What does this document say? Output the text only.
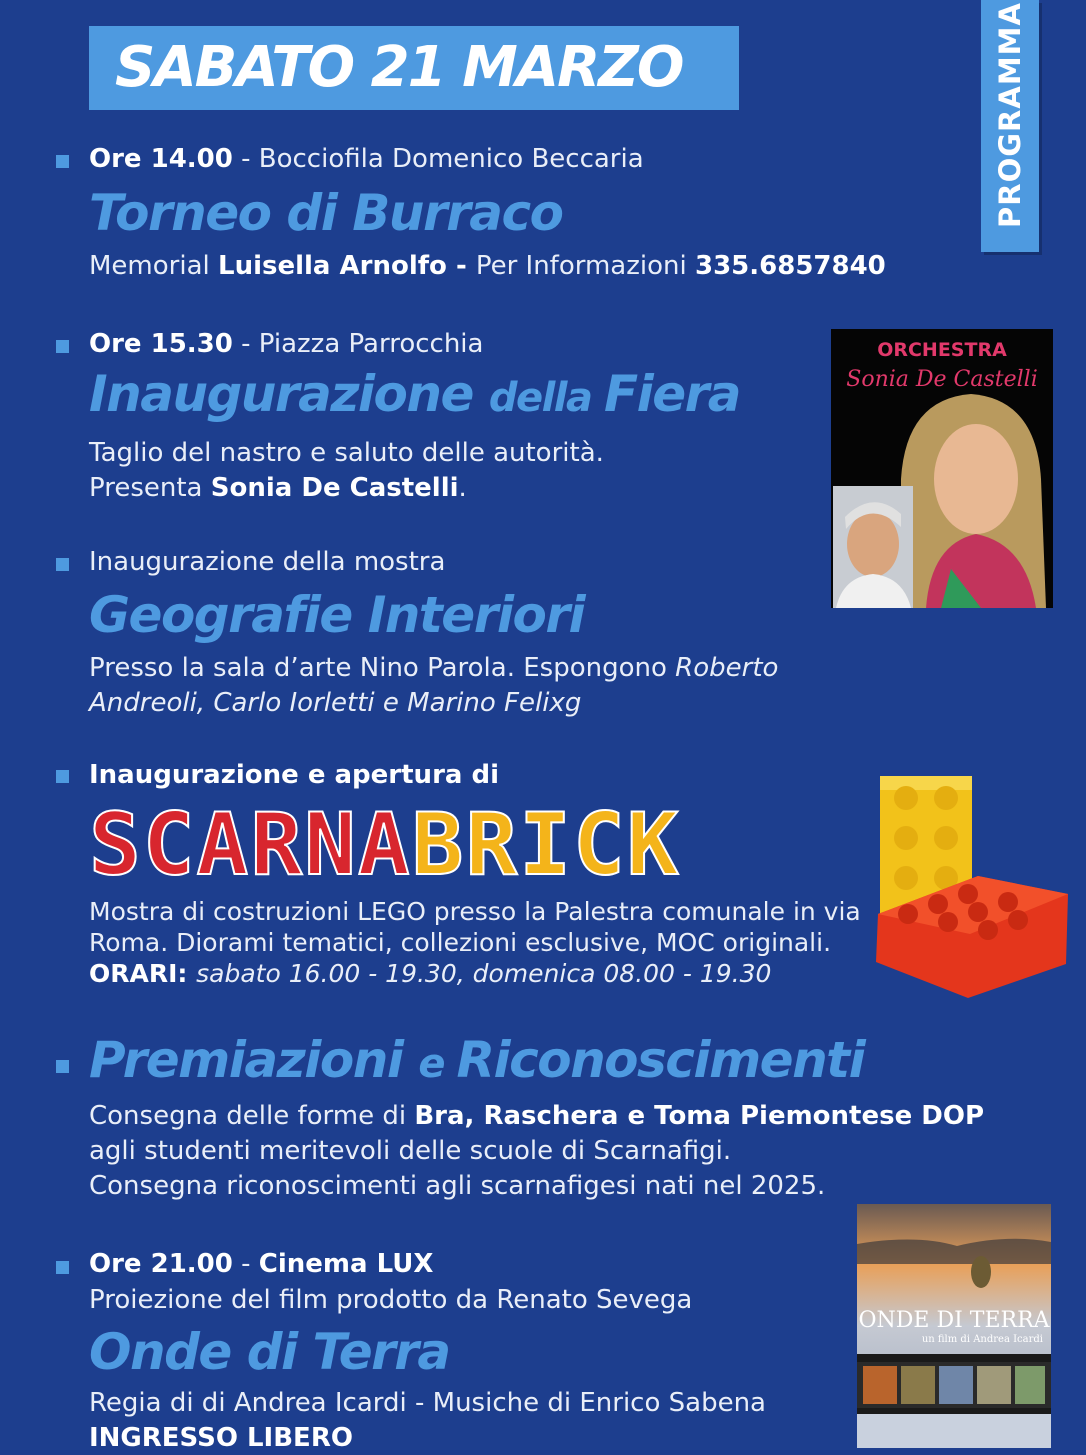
SABATO 21 MARZO	PROGRAMMA
Ore 14.00 - Bocciofila Domenico Beccaria
Torneo di Burraco
Memorial Luisella Arnolfo - Per Informazioni 335.6857840
Ore 15.30 - Piazza Parrocchia
Inaugurazione della Fiera
Taglio del nastro e saluto delle autorità.
Presenta Sonia De Castelli.
ORCHESTRA
Sonia De Castelli
Inaugurazione della mostra
Geografie Interiori
Presso la sala d’arte Nino Parola. Espongono Roberto
Andreoli, Carlo Iorletti e Marino Felixg
Inaugurazione e apertura di
SCARNA BRICK
Mostra di costruzioni LEGO presso la Palestra comunale in via
Roma. Diorami tematici, collezioni esclusive, MOC originali.
ORARI: sabato 16.00 - 19.30, domenica 08.00 - 19.30
Premiazioni e Riconoscimenti
Consegna delle forme di Bra, Raschera e Toma Piemontese DOP
agli studenti meritevoli delle scuole di Scarnafigi.
Consegna riconoscimenti agli scarnafigesi nati nel 2025.
Ore 21.00 - Cinema LUX
Proiezione del film prodotto da Renato Sevega
Onde di Terra
Regia di di Andrea Icardi - Musiche di Enrico Sabena
INGRESSO LIBERO
ONDE DI TERRA
un film di Andrea Icardi
